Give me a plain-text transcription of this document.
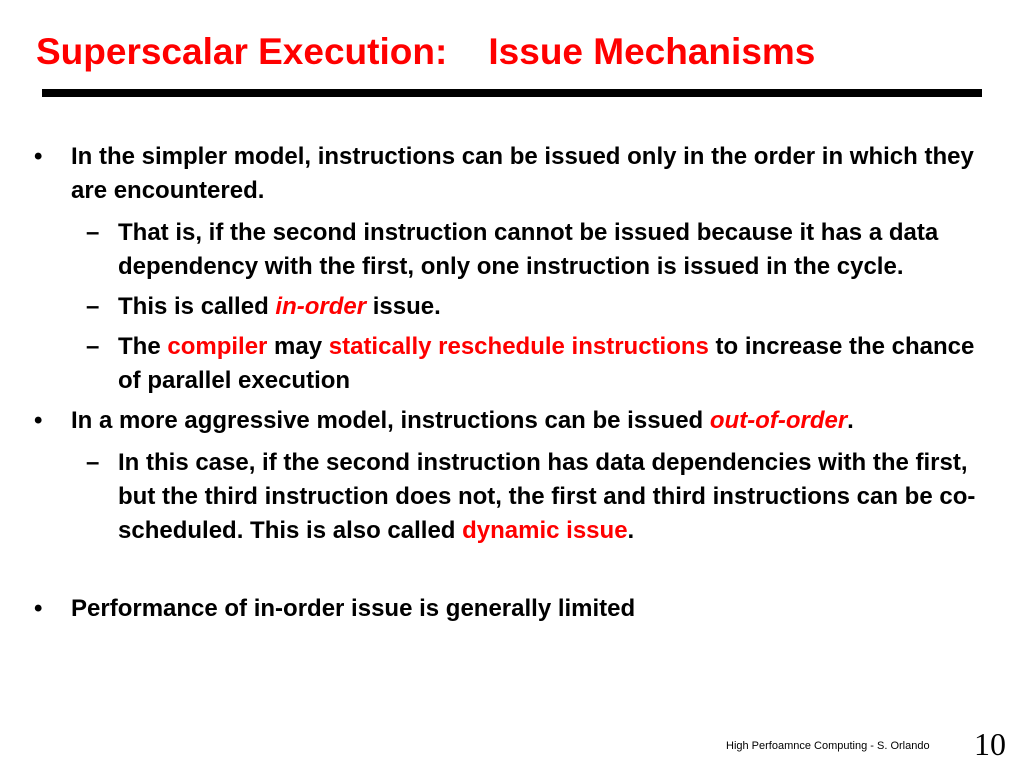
Superscalar Execution:    Issue Mechanisms
• In the simpler model, instructions can be issued only in the order in which they are encountered.
– That is, if the second instruction cannot be issued because it has a data dependency with the first, only one instruction is issued in the cycle.
– This is called in-order issue.
– The compiler may statically reschedule instructions to increase the chance of parallel execution
• In a more aggressive model, instructions can be issued out-of-order.
– In this case, if the second instruction has data dependencies with the first, but the third instruction does not, the first and third instructions can be co-scheduled. This is also called dynamic issue.
• Performance of in-order issue is generally limited
High Perfoamnce Computing - S. Orlando 10
